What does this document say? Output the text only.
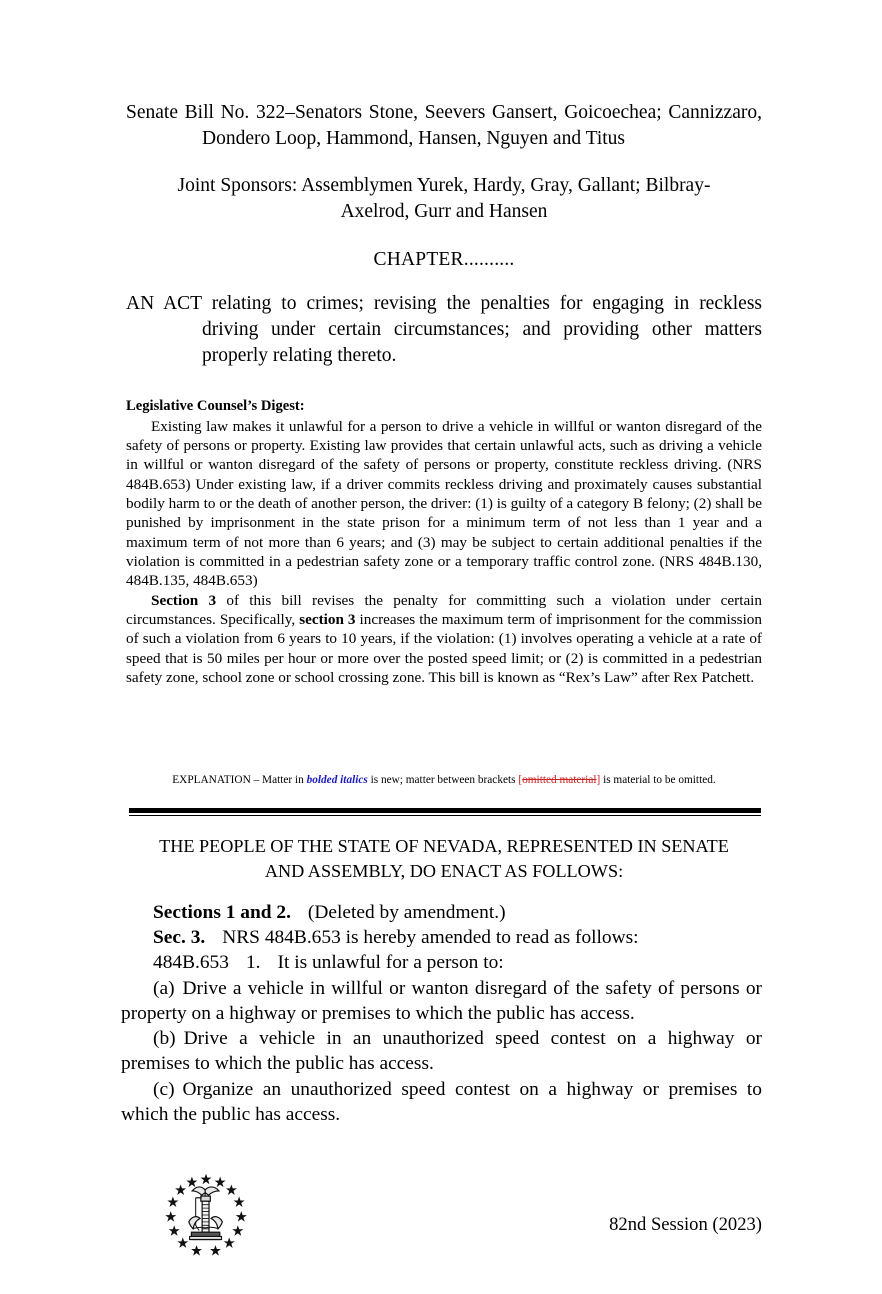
Senate Bill No. 322–Senators Stone, Seevers Gansert, Goicoechea; Cannizzaro, Dondero Loop, Hammond, Hansen, Nguyen and Titus
Joint Sponsors: Assemblymen Yurek, Hardy, Gray, Gallant; Bilbray-Axelrod, Gurr and Hansen
CHAPTER..........
AN ACT relating to crimes; revising the penalties for engaging in reckless driving under certain circumstances; and providing other matters properly relating thereto.
Legislative Counsel’s Digest:

Existing law makes it unlawful for a person to drive a vehicle in willful or wanton disregard of the safety of persons or property. Existing law provides that certain unlawful acts, such as driving a vehicle in willful or wanton disregard of the safety of persons or property, constitute reckless driving. (NRS 484B.653) Under existing law, if a driver commits reckless driving and proximately causes substantial bodily harm to or the death of another person, the driver: (1) is guilty of a category B felony; (2) shall be punished by imprisonment in the state prison for a minimum term of not less than 1 year and a maximum term of not more than 6 years; and (3) may be subject to certain additional penalties if the violation is committed in a pedestrian safety zone or a temporary traffic control zone. (NRS 484B.130, 484B.135, 484B.653)

Section 3 of this bill revises the penalty for committing such a violation under certain circumstances. Specifically, section 3 increases the maximum term of imprisonment for the commission of such a violation from 6 years to 10 years, if the violation: (1) involves operating a vehicle at a rate of speed that is 50 miles per hour or more over the posted speed limit; or (2) is committed in a pedestrian safety zone, school zone or school crossing zone. This bill is known as “Rex’s Law” after Rex Patchett.

EXPLANATION – Matter in bolded italics is new; matter between brackets [omitted material] is material to be omitted.
THE PEOPLE OF THE STATE OF NEVADA, REPRESENTED IN SENATE AND ASSEMBLY, DO ENACT AS FOLLOWS:

Sections 1 and 2. (Deleted by amendment.)

Sec. 3. NRS 484B.653 is hereby amended to read as follows:

484B.653 1. It is unlawful for a person to:

(a) Drive a vehicle in willful or wanton disregard of the safety of persons or property on a highway or premises to which the public has access.

(b) Drive a vehicle in an unauthorized speed contest on a highway or premises to which the public has access.

(c) Organize an unauthorized speed contest on a highway or premises to which the public has access.

82nd Session (2023)
